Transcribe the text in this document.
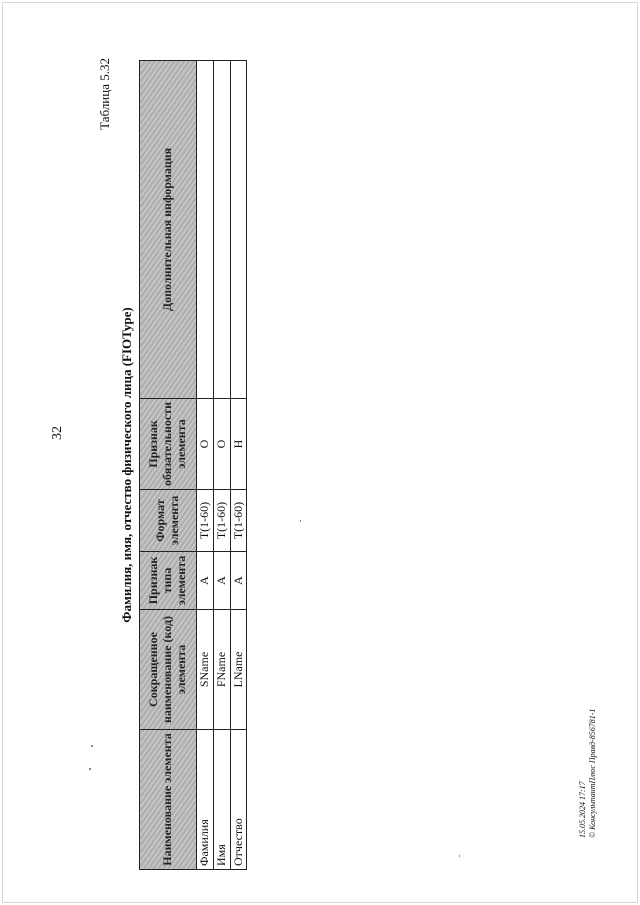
32
Таблица 5.32
Фамилия, имя, отчество физического лица (FIOType)
Наименование элемента	Сокращенное наименование (код) элемента	Признак типа элемента	Формат элемента	Признак обязательности элемента	Дополнительная информация
Фамилия	SName	A	T(1-60)	О	
Имя	FName	A	T(1-60)	О	
Отчество	LName	A	T(1-60)	Н	
15.05.2024 17:17 © КонсультантПлюс Правд-856781-1
